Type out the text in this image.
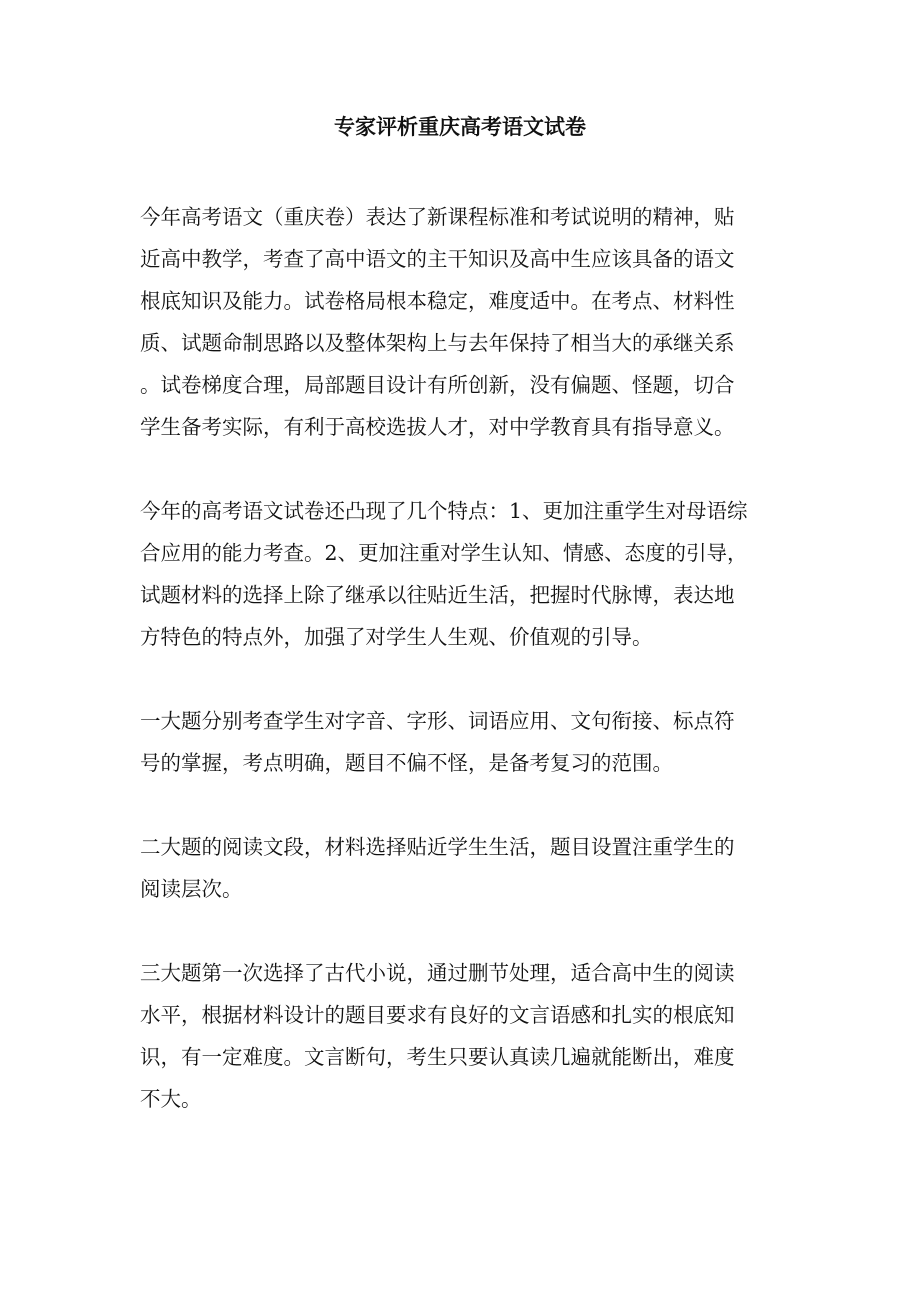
专家评析重庆高考语文试卷

今年高考语文（重庆卷）表达了新课程标准和考试说明的精神，贴
近高中教学，考查了高中语文的主干知识及高中生应该具备的语文
根底知识及能力。试卷格局根本稳定，难度适中。在考点、材料性
质、试题命制思路以及整体架构上与去年保持了相当大的承继关系
。试卷梯度合理，局部题目设计有所创新，没有偏题、怪题，切合
学生备考实际，有利于高校选拔人才，对中学教育具有指导意义。

今年的高考语文试卷还凸现了几个特点：1、更加注重学生对母语综
合应用的能力考查。2、更加注重对学生认知、情感、态度的引导，
试题材料的选择上除了继承以往贴近生活，把握时代脉博，表达地
方特色的特点外，加强了对学生人生观、价值观的引导。

一大题分别考查学生对字音、字形、词语应用、文句衔接、标点符
号的掌握，考点明确，题目不偏不怪，是备考复习的范围。

二大题的阅读文段，材料选择贴近学生生活，题目设置注重学生的
阅读层次。

三大题第一次选择了古代小说，通过删节处理，适合高中生的阅读
水平，根据材料设计的题目要求有良好的文言语感和扎实的根底知
识，有一定难度。文言断句，考生只要认真读几遍就能断出，难度
不大。
